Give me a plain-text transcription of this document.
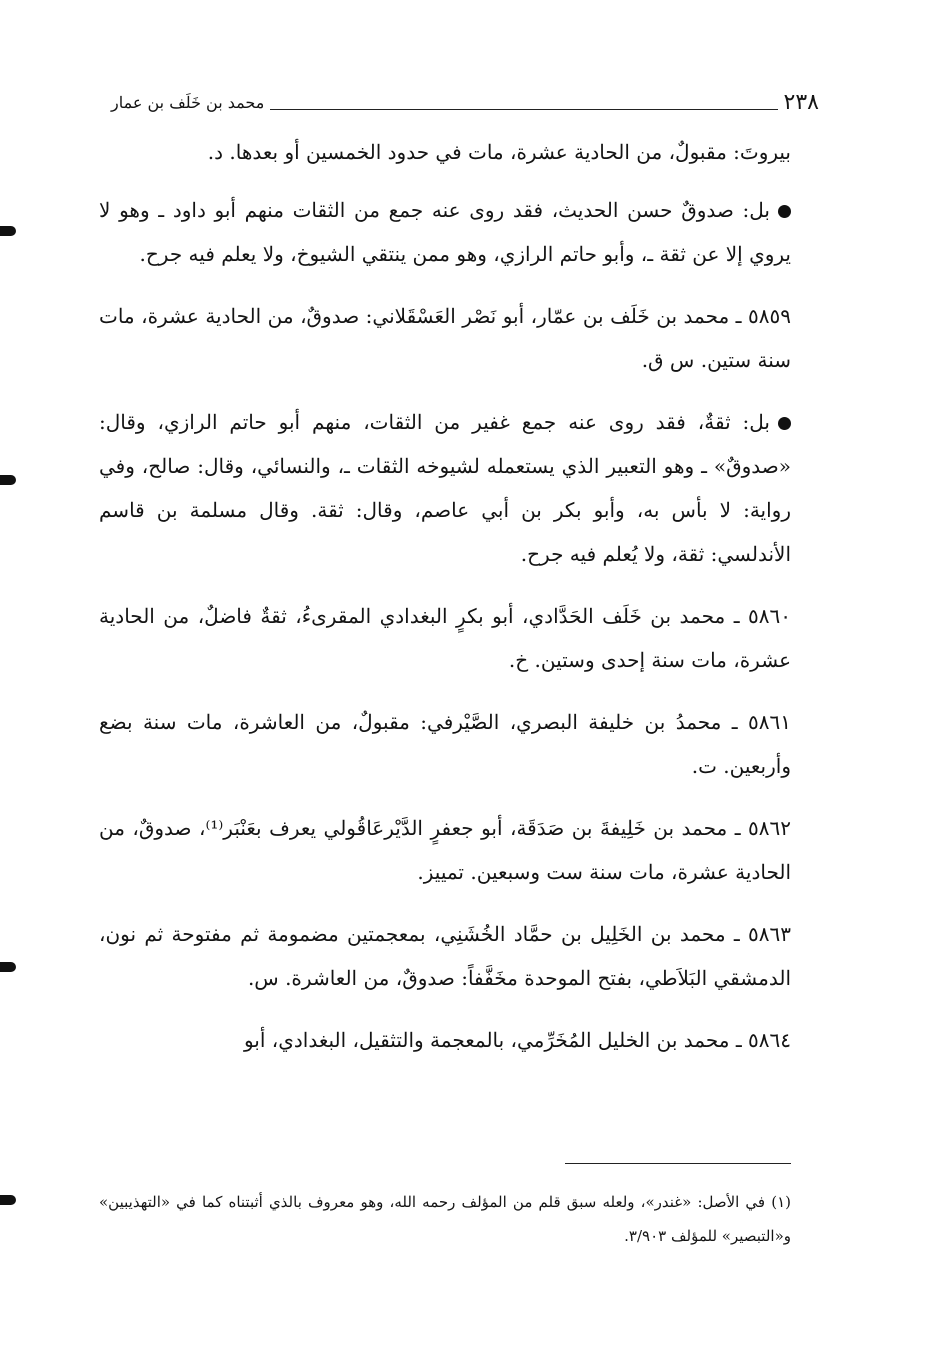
٢٣٨
محمد بن خَلَف بن عمار

بيروتَ: مقبولٌ، من الحادية عشرة، مات في حدود الخمسين أو بعدها. د.

بل: صدوقٌ حسن الحديث، فقد روى عنه جمع من الثقات منهم أبو داود ـ وهو لا يروي إلا عن ثقة ـ، وأبو حاتم الرازي، وهو ممن ينتقي الشيوخ، ولا يعلم فيه جرح.

٥٨٥٩ ـ محمد بن خَلَف بن عمّار، أبو نَصْر العَسْقَلاني: صدوقٌ، من الحادية عشرة، مات سنة ستين. س ق.

بل: ثقةٌ، فقد روى عنه جمع غفير من الثقات، منهم أبو حاتم الرازي، وقال: «صدوقٌ» ـ وهو التعبير الذي يستعمله لشيوخه الثقات ـ، والنسائي، وقال: صالح، وفي رواية: لا بأس به، وأبو بكر بن أبي عاصم، وقال: ثقة. وقال مسلمة بن قاسم الأندلسي: ثقة، ولا يُعلم فيه جرح.

٥٨٦٠ ـ محمد بن خَلَف الحَدَّادي، أبو بكرٍ البغدادي المقرىءُ، ثقةٌ فاضلٌ، من الحادية عشرة، مات سنة إحدى وستين. خ.

٥٨٦١ ـ محمدُ بن خليفة البصري، الصَّيْرفي: مقبولٌ، من العاشرة، مات سنة بضع وأربعين. ت.

٥٨٦٢ ـ محمد بن خَلِيفةَ بن صَدَقَة، أبو جعفرٍ الدَّيْرعَاقُولي يعرف بعَنْبَر⁽¹⁾، صدوقٌ، من الحادية عشرة، مات سنة ست وسبعين. تمييز.

٥٨٦٣ ـ محمد بن الخَلِيل بن حمَّاد الخُشَنِي، بمعجمتين مضمومة ثم مفتوحة ثم نون، الدمشقي البَلاَطي، بفتح الموحدة مخَفَّفاً: صدوقٌ، من العاشرة. س.

٥٨٦٤ ـ محمد بن الخليل المُخَرِّمي، بالمعجمة والتثقيل، البغدادي، أبو

(١) في الأصل: «غندر»، ولعله سبق قلم من المؤلف رحمه الله، وهو معروف بالذي أثبتناه كما في «التهذيبين» و«التبصير» للمؤلف ٣/٩٠٣.
